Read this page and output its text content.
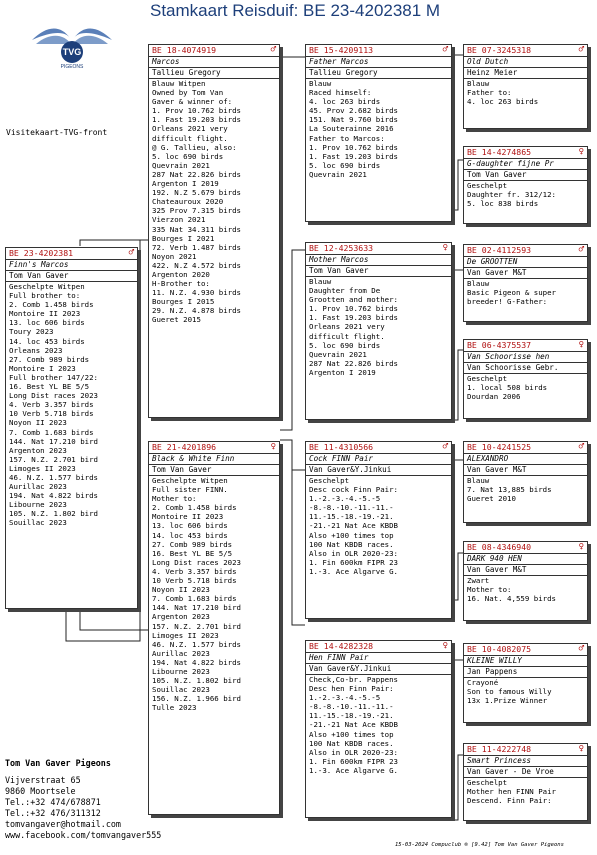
Stamkaart Reisduif: BE 23-4202381 M
TVG
PIGEONS
Visitekaart-TVG-front
BE 23-4202381	♂
Finn's Marcos
Tom Van Gaver
Geschelpte Witpen
Full brother to:
2. Comb 1.458 birds
Montoire II 2023
13. loc 606 birds
Toury 2023
14. loc 453 birds
Orleans 2023
27. Comb 989 birds
Montoire I 2023
Full brother 147/22:
16. Best YL BE 5/5
Long Dist races 2023
4. Verb 3.357 birds
10 Verb 5.718 birds
Noyon II 2023
7. Comb 1.683 birds
144. Nat 17.210 bird
Argenton 2023
157. N.Z. 2.701 bird
Limoges II 2023
46. N.Z. 1.577 birds
Aurillac 2023
194. Nat 4.822 birds
Libourne 2023
105. N.Z. 1.802 bird
Souillac 2023
BE 18-4074919	♂
Marcos
Tallieu Gregory
Blauw Witpen
Owned by Tom Van
Gaver & winner of:
1. Prov 10.762 birds
1. Fast 19.203 birds
Orleans 2021 very
difficult flight.
@ G. Tallieu, also:
5. loc 690 birds
Quevrain 2021
287 Nat 22.826 birds
Argenton I 2019
192. N.Z 5.679 birds
Chateauroux 2020
325 Prov 7.315 birds
Vierzon 2021
335 Nat 34.311 birds
Bourges I 2021
72. Verb 1.487 birds
Noyon 2021
422. N.Z 4.572 birds
Argenton 2020
H-Brother to:
11. N.Z. 4.930 birds
Bourges I 2015
29. N.Z. 4.878 birds
Gueret 2015
BE 21-4201896	♀
Black & White Finn
Tom Van Gaver
Geschelpte Witpen
Full sister FINN.
Mother to:
2. Comb 1.458 birds
Montoire II 2023
13. loc 606 birds
14. loc 453 birds
27. Comb 989 birds
16. Best YL BE 5/5
Long Dist races 2023
4. Verb 3.357 birds
10 Verb 5.718 birds
Noyon II 2023
7. Comb 1.683 birds
144. Nat 17.210 bird
Argenton 2023
157. N.Z. 2.701 bird
Limoges II 2023
46. N.Z. 1.577 birds
Aurillac 2023
194. Nat 4.822 birds
Libourne 2023
105. N.Z. 1.802 bird
Souillac 2023
156. N.Z. 1.966 bird
Tulle 2023
BE 15-4209113	♂
Father Marcos
Tallieu Gregory
Blauw
Raced himself:
4. loc 263 birds
45. Prov 2.682 birds
151. Nat 9.760 birds
La Souterainne 2016
Father to Marcos:
1. Prov 10.762 birds
1. Fast 19.203 birds
5. loc 690 birds
Quevrain 2021
BE 12-4253633	♀
Mother Marcos
Tom Van Gaver
Blauw
Daughter from De
Grootten and mother:
1. Prov 10.762 birds
1. Fast 19.203 birds
Orleans 2021 very
difficult flight.
5. loc 690 birds
Quevrain 2021
287 Nat 22.826 birds
Argenton I 2019
BE 11-4310566	♂
Cock FINN Pair
Van Gaver&Y.Jinkui
Geschelpt
Desc cock Finn Pair:
1.-2.-3.-4.-5.-5
-8.-8.-10.-11.-11.-
11.-15.-18.-19.-21.
-21.-21 Nat Ace KBDB
Also +100 times top
100 Nat KBDB races.
Also in OLR 2020-23:
1. Fin 600km FIPR 23
1.-3. Ace Algarve G.
BE 14-4282328	♀
Hen FINN Pair
Van Gaver&Y.Jinkui
Check,Co-br. Pappens
Desc hen Finn Pair:
1.-2.-3.-4.-5.-5
-8.-8.-10.-11.-11.-
11.-15.-18.-19.-21.
-21.-21 Nat Ace KBDB
Also +100 times top
100 Nat KBDB races.
Also in OLR 2020-23:
1. Fin 600km FIPR 23
1.-3. Ace Algarve G.
BE 07-3245318	♂
Old Dutch
Heinz Meier
Blauw
Father to:
4. loc 263 birds
BE 14-4274865	♀
G-daughter fijne Pr
Tom Van Gaver
Geschelpt
Daughter fr. 312/12:
5. loc 838 birds
BE 02-4112593	♂
De GROOTTEN
Van Gaver M&T
Blauw
Basic Pigeon & super
breeder! G-Father:
BE 06-4375537	♀
Van Schoorisse hen
Van Schoorisse Gebr.
Geschelpt
1. local 508 birds
Dourdan 2006
BE 10-4241525	♂
ALEXANDRO
Van Gaver M&T
Blauw
7. Nat 13,885 birds
Gueret 2010
BE 08-4346940	♀
DARK 940 HEN
Van Gaver M&T
Zwart
Mother to:
16. Nat. 4,559 birds
BE 10-4082075	♂
KLEINE WILLY
Jan Pappens
Crayoné
Son to famous Willy
13x 1.Prize Winner
BE 11-4222748	♀
Smart Princess
Van Gaver - De Vroe
Geschelpt
Mother hen FINN Pair
Descend. Finn Pair:
Tom Van Gaver Pigeons
Vijverstraat 65
9860 Moortsele
Tel.:+32 474/678871
Tel.:+32 476/311312
tomvangaver@hotmail.com
www.facebook.com/tomvangaver555
15-03-2024 Compuclub ® [9.42] Tom Van Gaver Pigeons
